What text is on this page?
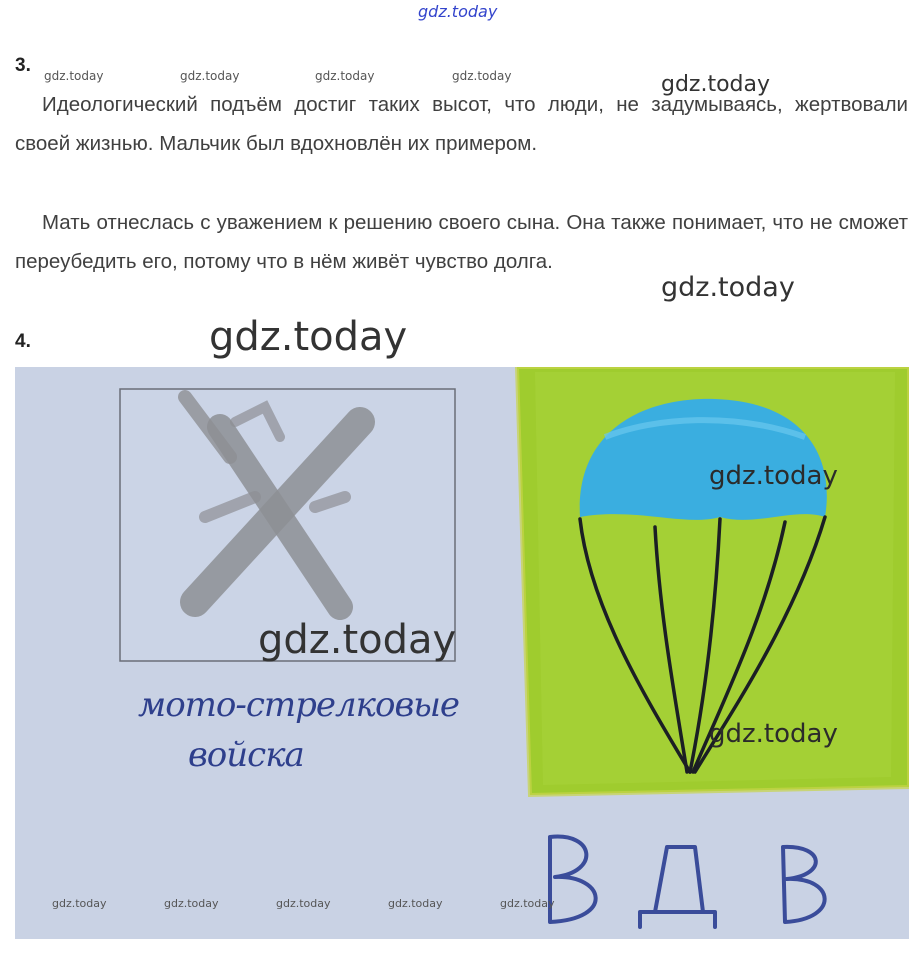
gdz.today
3. gdz.today	gdz.today	gdz.today	gdz.today	gdz.today

Идеологический подъём достиг таких высот, что люди, не задумываясь, жертвовали своей жизнью. Мальчик был вдохновлён их примером.

Мать отнеслась с уважением к решению своего сына. Она также понимает, что не сможет переубедить его, потому что в нём живёт чувство долга.

gdz.today
4.	gdz.today
мото-стрелковые
войска
gdz.today
gdz.today
gdz.today
gdz.today	gdz.today	gdz.today	gdz.today	gdz.today
